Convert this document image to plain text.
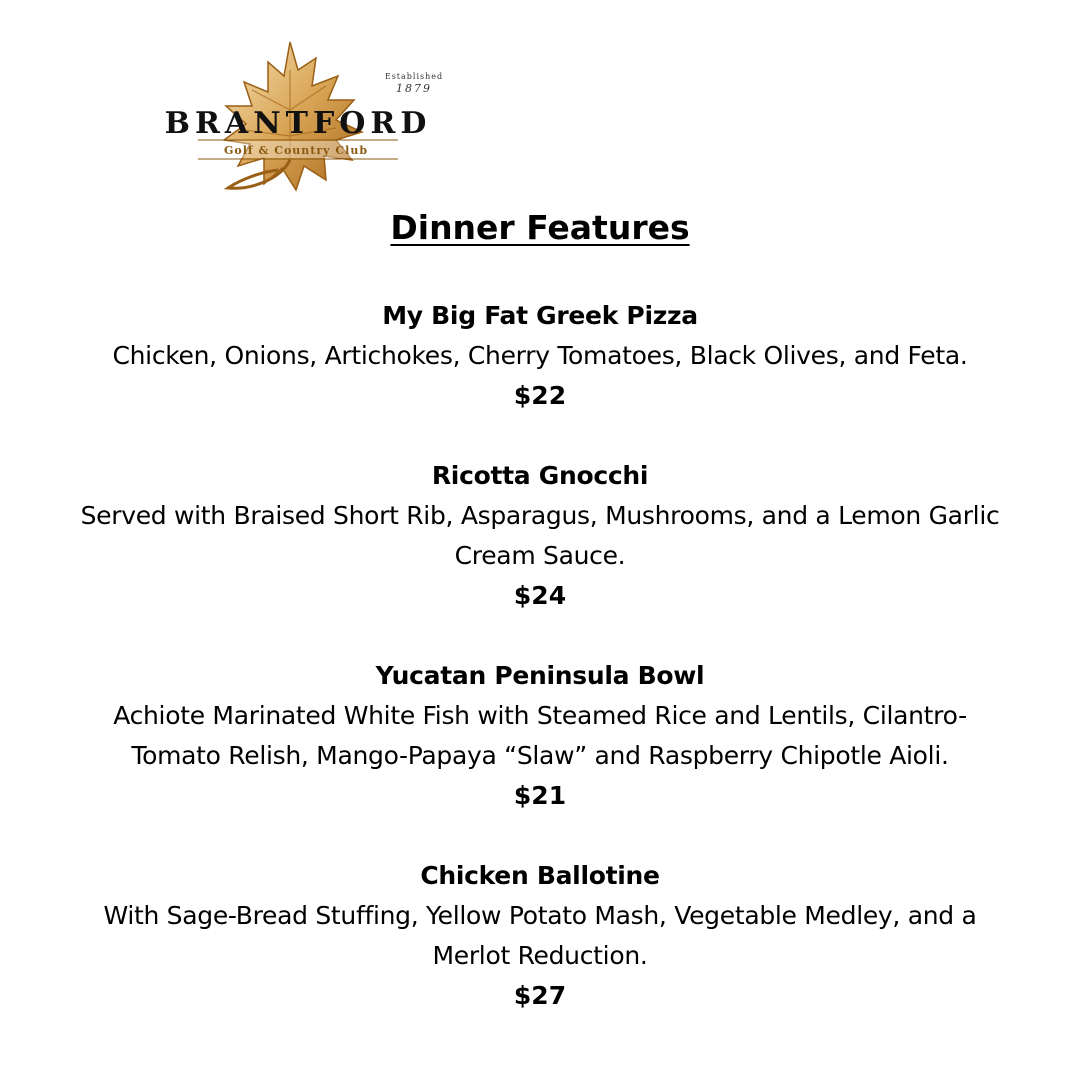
Established
1879
BRANTFORD
Golf & Country Club
Dinner Features
My Big Fat Greek Pizza
Chicken, Onions, Artichokes, Cherry Tomatoes, Black Olives, and Feta.
$22
Ricotta Gnocchi
Served with Braised Short Rib, Asparagus, Mushrooms, and a Lemon Garlic
Cream Sauce.
$24
Yucatan Peninsula Bowl
Achiote Marinated White Fish with Steamed Rice and Lentils, Cilantro-
Tomato Relish, Mango-Papaya “Slaw” and Raspberry Chipotle Aioli.
$21
Chicken Ballotine
With Sage-Bread Stuffing, Yellow Potato Mash, Vegetable Medley, and a
Merlot Reduction.
$27
